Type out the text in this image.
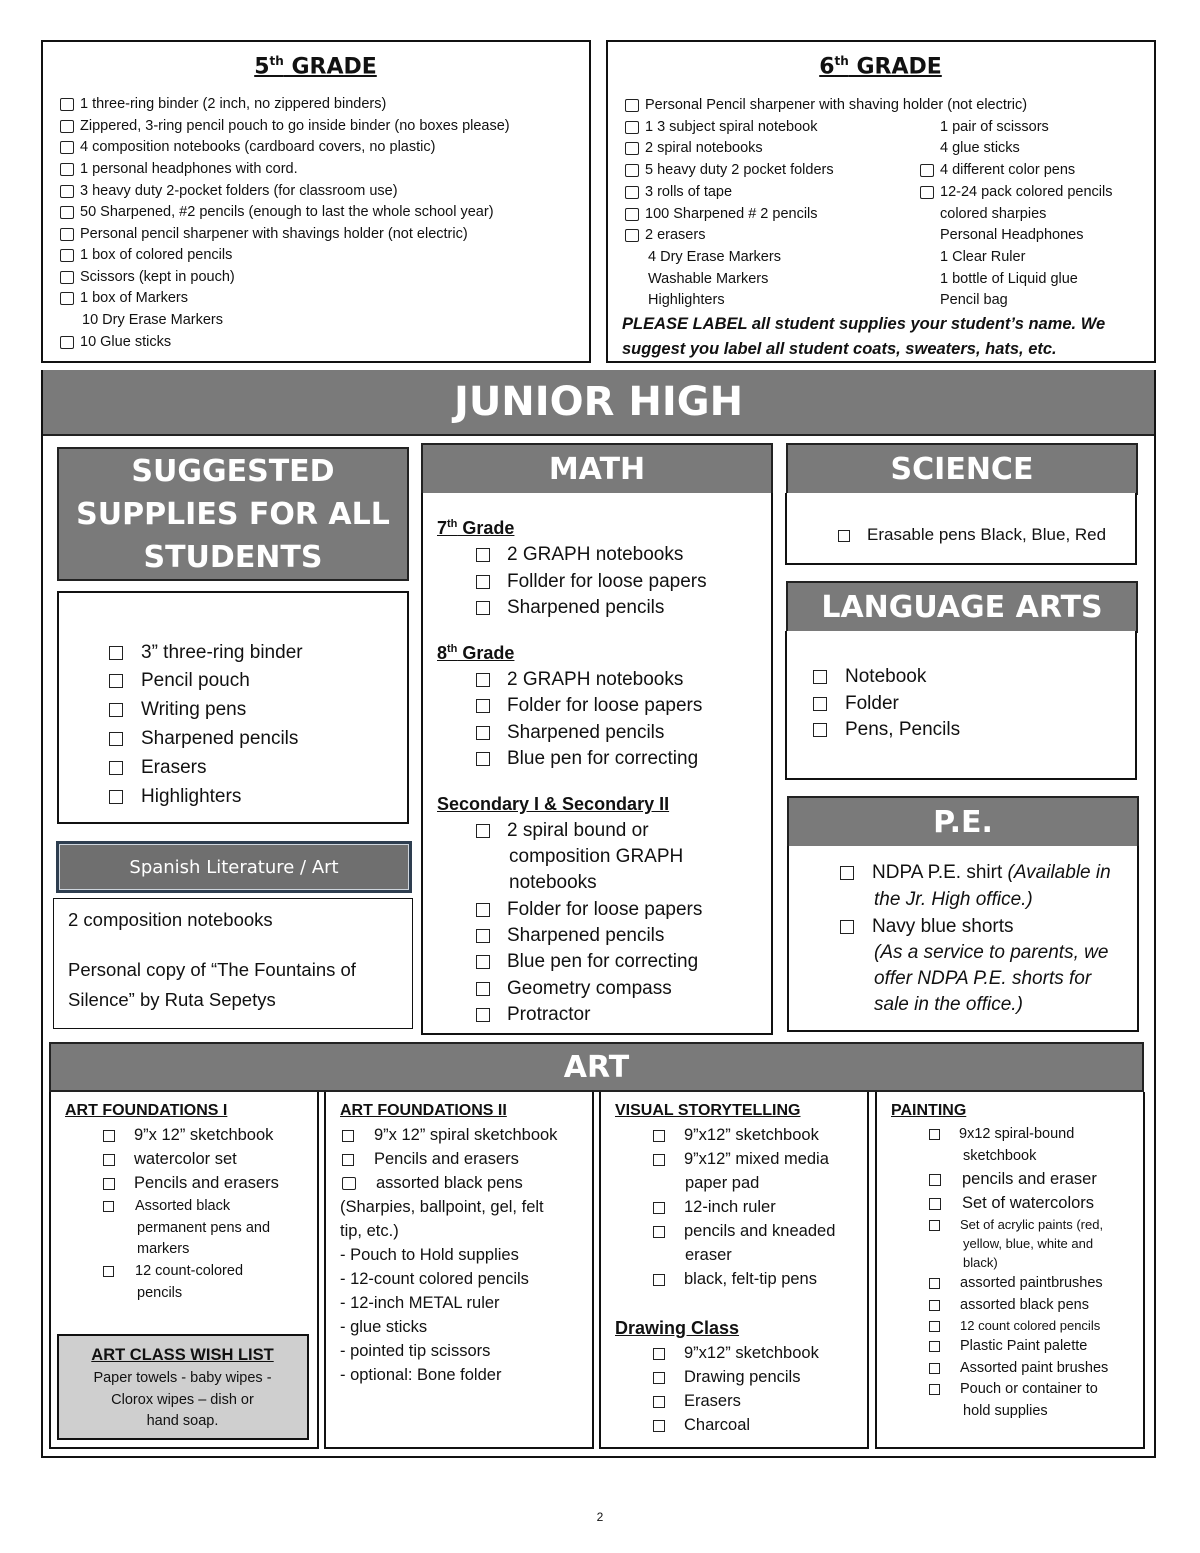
5th GRADE
1 three-ring binder (2 inch, no zippered binders)
Zippered, 3-ring pencil pouch to go inside binder (no boxes please)
4 composition notebooks (cardboard covers, no plastic)
1 personal headphones with cord.
3 heavy duty 2-pocket folders (for classroom use)
50 Sharpened, #2 pencils (enough to last the whole school year)
Personal pencil sharpener with shavings holder (not electric)
1 box of colored pencils
Scissors (kept in pouch)
1 box of Markers
10 Dry Erase Markers
10 Glue sticks
6th GRADE
Personal Pencil sharpener with shaving holder (not electric)
1 3 subject spiral notebook
2 spiral notebooks
5 heavy duty 2 pocket folders
3 rolls of tape
100 Sharpened # 2 pencils
2 erasers
4 Dry Erase Markers
Washable Markers
Highlighters
1 pair of scissors
4 glue sticks
4 different color pens
12-24 pack colored pencils
colored sharpies
Personal Headphones
1 Clear Ruler
1 bottle of Liquid glue
Pencil bag
PLEASE LABEL all student supplies your student’s name. We
suggest you label all student coats, sweaters, hats, etc.
JUNIOR HIGH
SUGGESTED
SUPPLIES FOR ALL
STUDENTS
3” three-ring binder
Pencil pouch
Writing pens
Sharpened pencils
Erasers
Highlighters
Spanish Literature / Art
2 composition notebooks
Personal copy of “The Fountains of
Silence” by Ruta Sepetys
MATH
7th Grade
2 GRAPH notebooks
Follder for loose papers
Sharpened pencils
8th Grade
2 GRAPH notebooks
Folder for loose papers
Sharpened pencils
Blue pen for correcting
Secondary I & Secondary II
2 spiral bound or
composition GRAPH
notebooks
Folder for loose papers
Sharpened pencils
Blue pen for correcting
Geometry compass
Protractor
SCIENCE
Erasable pens Black, Blue, Red
LANGUAGE ARTS
Notebook
Folder
Pens, Pencils
P.E.
NDPA P.E. shirt (Available in
the Jr. High office.)
Navy blue shorts
(As a service to parents, we
offer NDPA P.E. shorts for
sale in the office.)
ART
ART FOUNDATIONS I
9”x 12” sketchbook
watercolor set
Pencils and erasers
Assorted black
permanent pens and
markers
12 count-colored
pencils
ART CLASS WISH LIST
Paper towels - baby wipes -
Clorox wipes – dish or
hand soap.
ART FOUNDATIONS II
9”x 12” spiral sketchbook
Pencils and erasers
assorted black pens
(Sharpies, ballpoint, gel, felt
tip, etc.)
- Pouch to Hold supplies
- 12-count colored pencils
- 12-inch METAL ruler
- glue sticks
- pointed tip scissors
- optional: Bone folder
VISUAL STORYTELLING
9”x12” sketchbook
9”x12” mixed media
paper pad
12-inch ruler
pencils and kneaded
eraser
black, felt-tip pens
Drawing Class
9”x12” sketchbook
Drawing pencils
Erasers
Charcoal
PAINTING
9x12 spiral-bound
sketchbook
pencils and eraser
Set of watercolors
Set of acrylic paints (red,
yellow, blue, white and
black)
assorted paintbrushes
assorted black pens
12 count colored pencils
Plastic Paint palette
Assorted paint brushes
Pouch or container to
hold supplies
2
